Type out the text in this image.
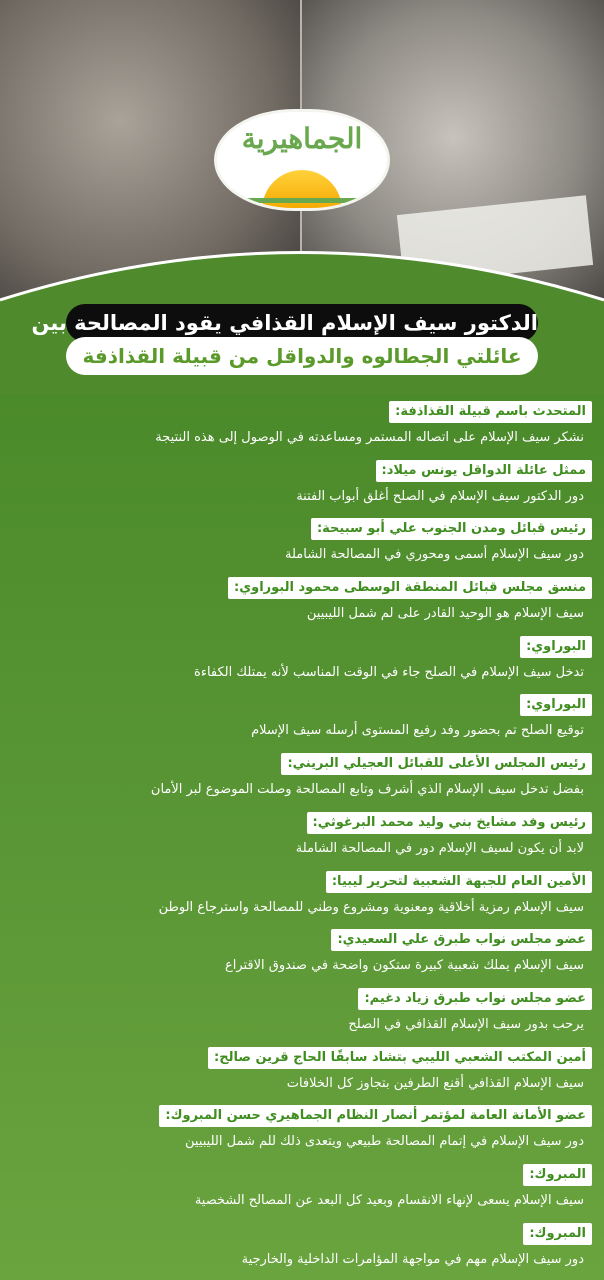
الجماهيرية
الدكتور سيف الإسلام القذافي يقود المصالحة بين
عائلتي الجطالوه والدواقل من قبيلة القذاذفة
المتحدث باسم قبيلة القذاذفة:
نشكر سيف الإسلام على اتصاله المستمر ومساعدته في الوصول إلى هذه النتيجة
ممثل عائلة الدواقل يونس ميلاد:
دور الدكتور سيف الإسلام في الصلح أغلق أبواب الفتنة
رئيس قبائل ومدن الجنوب علي أبو سبيحة:
دور سيف الإسلام أسمى ومحوري في المصالحة الشاملة
منسق مجلس قبائل المنطقة الوسطى محمود البوراوي:
سيف الإسلام هو الوحيد القادر على لم شمل الليبيين
البوراوي:
تدخل سيف الإسلام في الصلح جاء في الوقت المناسب لأنه يمتلك الكفاءة
البوراوي:
توقيع الصلح تم بحضور وفد رفيع المستوى أرسله سيف الإسلام
رئيس المجلس الأعلى للقبائل العجيلي البريني:
بفضل تدخل سيف الإسلام الذي أشرف وتابع المصالحة وصلت الموضوع لبر الأمان
رئيس وفد مشايخ بني وليد محمد البرغوثي:
لابد أن يكون لسيف الإسلام دور في المصالحة الشاملة
الأمين العام للجبهة الشعبية لتحرير ليبيا:
سيف الإسلام رمزية أخلاقية ومعنوية ومشروع وطني للمصالحة واسترجاع الوطن
عضو مجلس نواب طبرق علي السعيدي:
سيف الإسلام يملك شعبية كبيرة ستكون واضحة في صندوق الاقتراع
عضو مجلس نواب طبرق زياد دغيم:
يرحب بدور سيف الإسلام القذافي في الصلح
أمين المكتب الشعبي الليبي بتشاد سابقًا الحاج قرين صالح:
سيف الإسلام القذافي أقنع الطرفين بتجاوز كل الخلافات
عضو الأمانة العامة لمؤتمر أنصار النظام الجماهيري حسن المبروك:
دور سيف الإسلام في إتمام المصالحة طبيعي ويتعدى ذلك للم شمل الليبيين
المبروك:
سيف الإسلام يسعى لإنهاء الانقسام وبعيد كل البعد عن المصالح الشخصية
المبروك:
دور سيف الإسلام مهم في مواجهة المؤامرات الداخلية والخارجية
